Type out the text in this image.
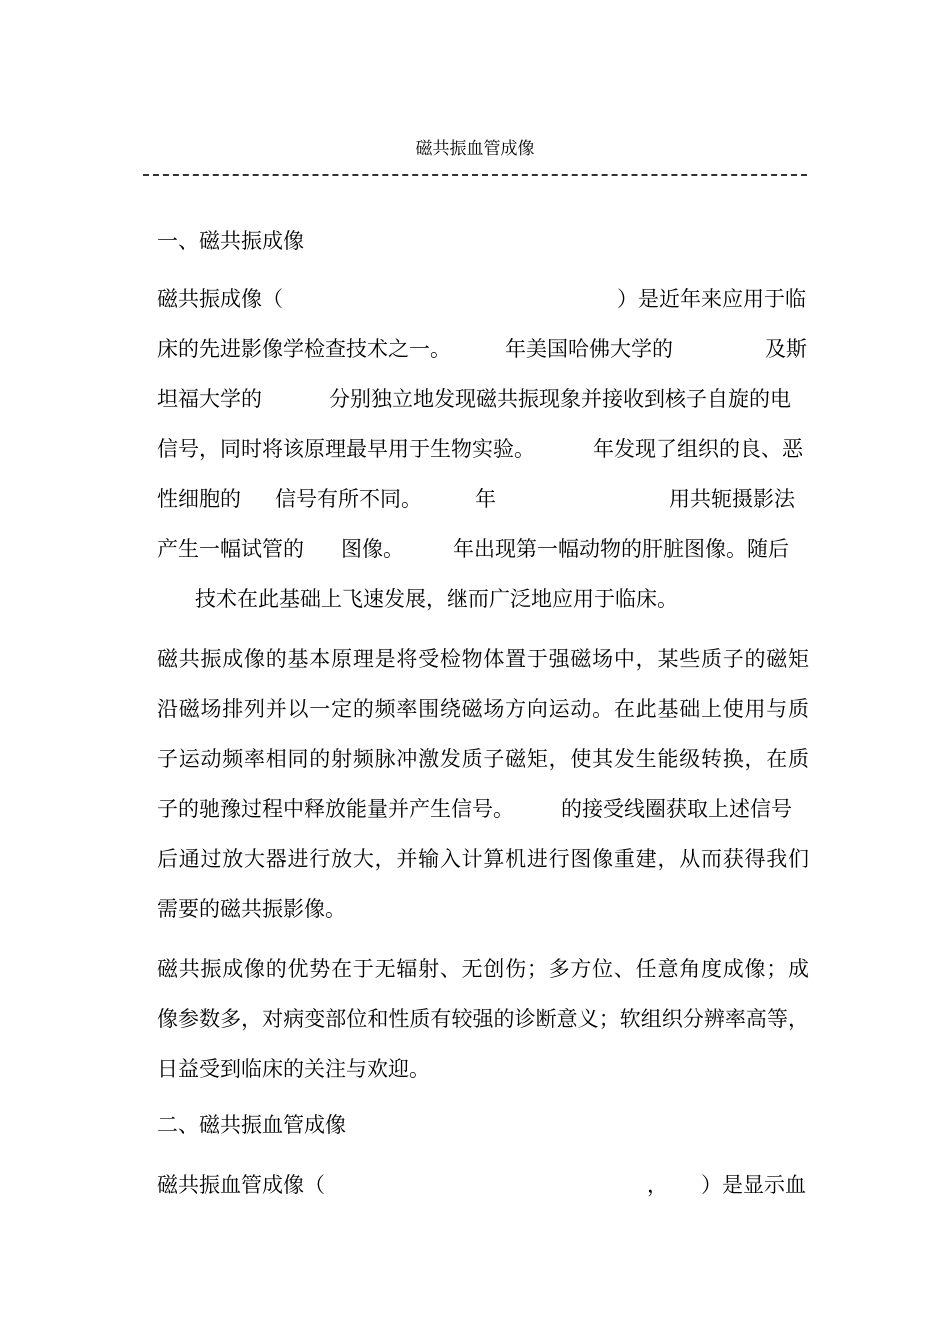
磁共振血管成像
一、磁共振成像
磁共振成像（	）是近年来应用于临
床的先进影像学检查技术之一。	年美国哈佛大学的	及斯
坦福大学的	分别独立地发现磁共振现象并接收到核子自旋的电
信号，同时将该原理最早用于生物实验。	年发现了组织的良、恶
性细胞的 信号有所不同。	年	用共轭摄影法
产生一幅试管的 图像。 年出现第一幅动物的肝脏图像。随后
技术在此基础上飞速发展，继而广泛地应用于临床。
磁共振成像的基本原理是将受检物体置于强磁场中，某些质子的磁矩
沿磁场排列并以一定的频率围绕磁场方向运动。在此基础上使用与质
子运动频率相同的射频脉冲激发质子磁矩，使其发生能级转换，在质
子的驰豫过程中释放能量并产生信号。 的接受线圈获取上述信号
后通过放大器进行放大，并输入计算机进行图像重建，从而获得我们
需要的磁共振影像。
磁共振成像的优势在于无辐射、无创伤；多方位、任意角度成像；成
像参数多，对病变部位和性质有较强的诊断意义；软组织分辨率高等，
日益受到临床的关注与欢迎。
二、磁共振血管成像
磁共振血管成像（	， ）是显示血
